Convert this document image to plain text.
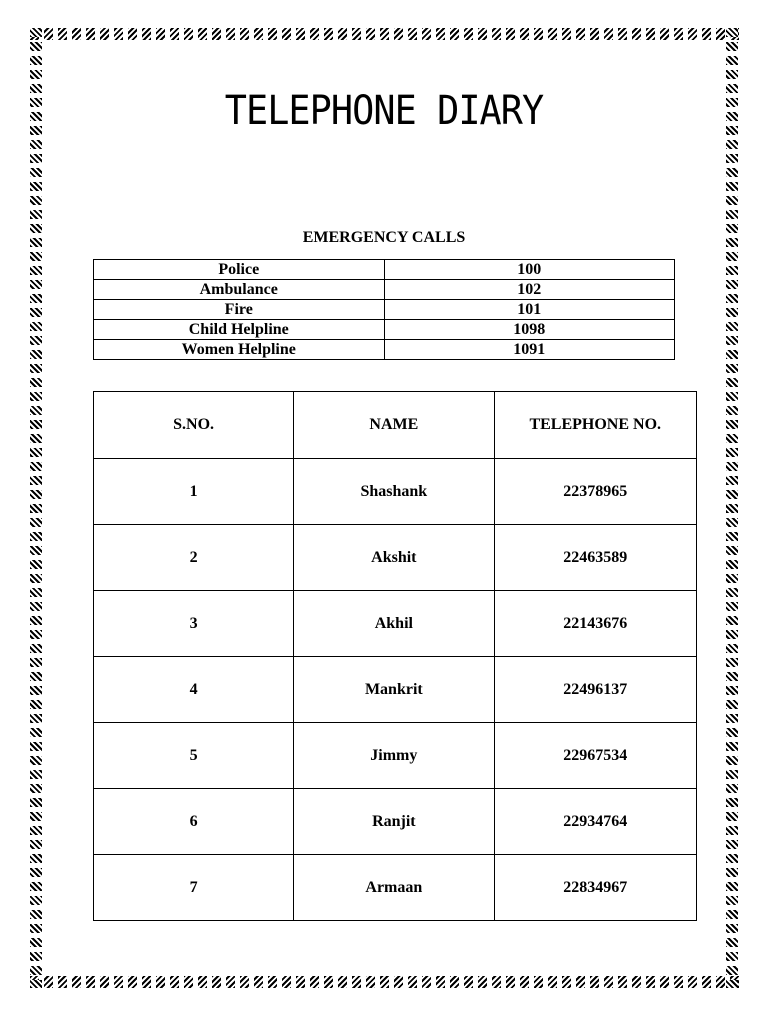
TELEPHONE DIARY
EMERGENCY CALLS
Police	100
Ambulance	102
Fire	101
Child Helpline	1098
Women Helpline	1091
S.NO.	NAME	TELEPHONE NO.
1	Shashank	22378965
2	Akshit	22463589
3	Akhil	22143676
4	Mankrit	22496137
5	Jimmy	22967534
6	Ranjit	22934764
7	Armaan	22834967
